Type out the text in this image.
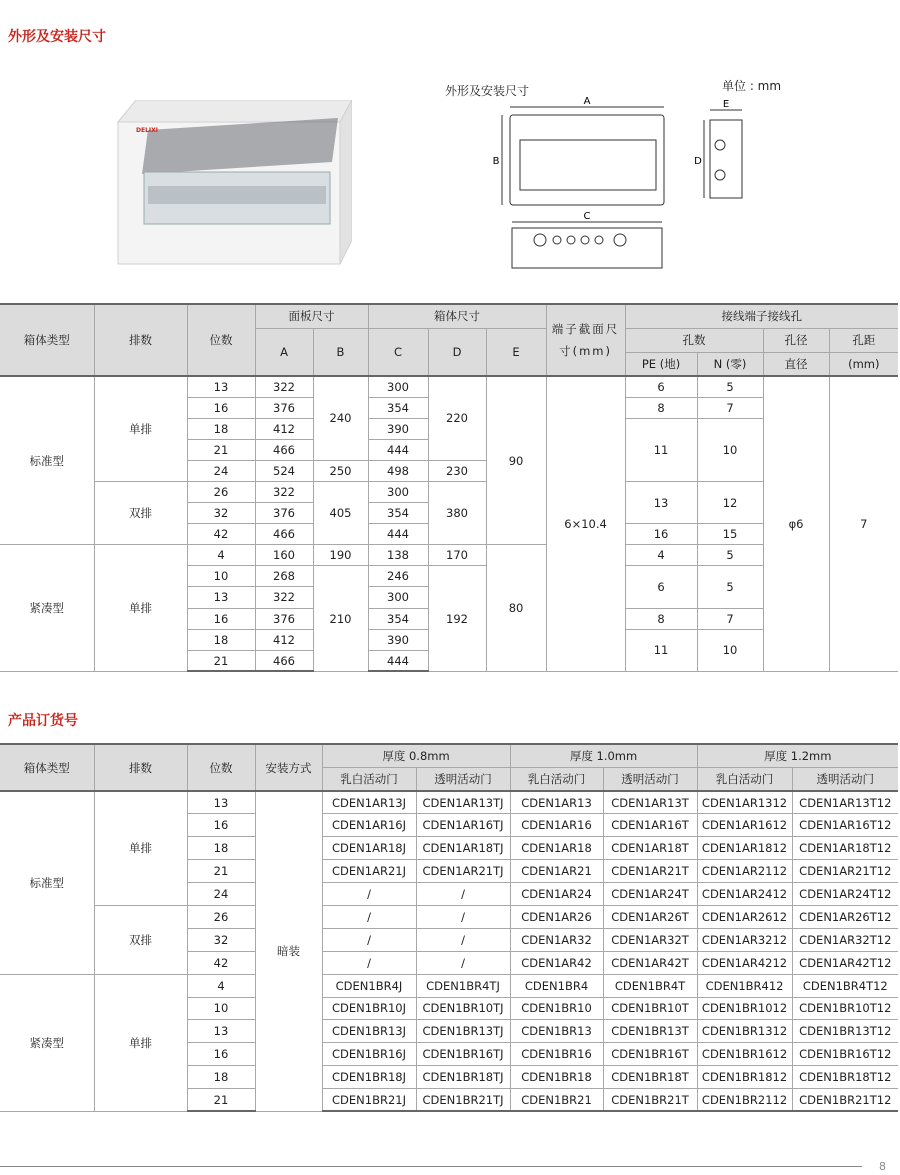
外形及安装尺寸
DELIXI
外形及安装尺寸	单位 : mm
A
B
C
D
E
箱体类型	排数	位数	面板尺寸		箱体尺寸			端子截面尺寸(mm)	接线端子接线孔			
			A	B	C	D	E		孔数		孔径	孔距
									PE (地)	N (零)	直径	(mm)
标准型	单排	13	322	240	300	220	90	6×10.4	6	5	φ6	7
		16	376		354				8	7		
		18	412		390				11	10		
		21	466		444							
		24	524	250	498	230						
	双排	26	322	405	300	380			13	12		
		32	376		354							
		42	466		444				16	15		
紧凑型	单排	4	160	190	138	170	80		4	5		
		10	268	210	246	192			6	5		
		13	322		300							
		16	376		354				8	7		
		18	412		390				11	10		
		21	466		444							
产品订货号
箱体类型	排数	位数	安装方式	厚度 0.8mm		厚度 1.0mm		厚度 1.2mm	
				乳白活动门	透明活动门	乳白活动门	透明活动门	乳白活动门	透明活动门
标准型	单排	13	暗装	CDEN1AR13J	CDEN1AR13TJ	CDEN1AR13	CDEN1AR13T	CDEN1AR1312	CDEN1AR13T12
		16		CDEN1AR16J	CDEN1AR16TJ	CDEN1AR16	CDEN1AR16T	CDEN1AR1612	CDEN1AR16T12
		18		CDEN1AR18J	CDEN1AR18TJ	CDEN1AR18	CDEN1AR18T	CDEN1AR1812	CDEN1AR18T12
		21		CDEN1AR21J	CDEN1AR21TJ	CDEN1AR21	CDEN1AR21T	CDEN1AR2112	CDEN1AR21T12
		24		/	/	CDEN1AR24	CDEN1AR24T	CDEN1AR2412	CDEN1AR24T12
	双排	26		/	/	CDEN1AR26	CDEN1AR26T	CDEN1AR2612	CDEN1AR26T12
		32		/	/	CDEN1AR32	CDEN1AR32T	CDEN1AR3212	CDEN1AR32T12
		42		/	/	CDEN1AR42	CDEN1AR42T	CDEN1AR4212	CDEN1AR42T12
紧凑型	单排	4		CDEN1BR4J	CDEN1BR4TJ	CDEN1BR4	CDEN1BR4T	CDEN1BR412	CDEN1BR4T12
		10		CDEN1BR10J	CDEN1BR10TJ	CDEN1BR10	CDEN1BR10T	CDEN1BR1012	CDEN1BR10T12
		13		CDEN1BR13J	CDEN1BR13TJ	CDEN1BR13	CDEN1BR13T	CDEN1BR1312	CDEN1BR13T12
		16		CDEN1BR16J	CDEN1BR16TJ	CDEN1BR16	CDEN1BR16T	CDEN1BR1612	CDEN1BR16T12
		18		CDEN1BR18J	CDEN1BR18TJ	CDEN1BR18	CDEN1BR18T	CDEN1BR1812	CDEN1BR18T12
		21		CDEN1BR21J	CDEN1BR21TJ	CDEN1BR21	CDEN1BR21T	CDEN1BR2112	CDEN1BR21T12
8
